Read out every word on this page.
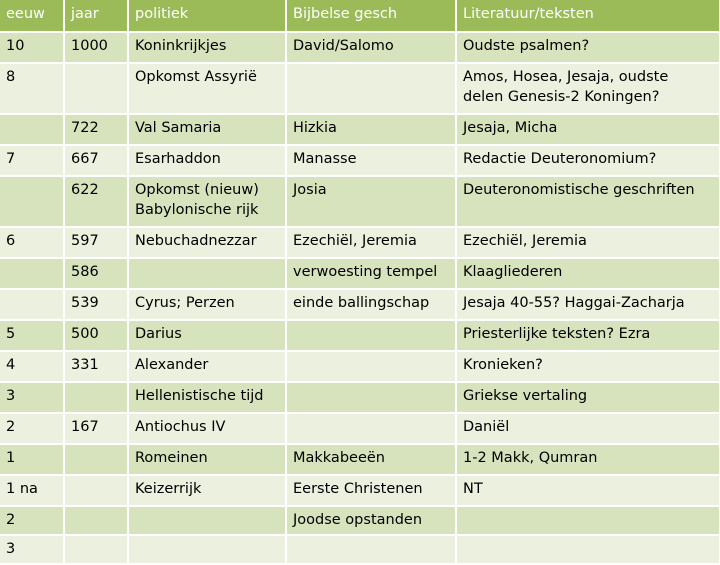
eeuw	jaar	politiek	Bijbelse gesch	Literatuur/teksten
10	1000	Koninkrijkjes	David/Salomo	Oudste psalmen?
8		Opkomst Assyrië		Amos, Hosea, Jesaja, oudste delen Genesis-2 Koningen?
	722	Val Samaria	Hizkia	Jesaja, Micha
7	667	Esarhaddon	Manasse	Redactie Deuteronomium?
	622	Opkomst (nieuw) Babylonische rijk	Josia	Deuteronomistische geschriften
6	597	Nebuchadnezzar	Ezechiël, Jeremia	Ezechiël, Jeremia
	586		verwoesting tempel	Klaagliederen
	539	Cyrus; Perzen	einde ballingschap	Jesaja 40-55? Haggai-Zacharja
5	500	Darius		Priesterlijke teksten? Ezra
4	331	Alexander		Kronieken?
3		Hellenistische tijd		Griekse vertaling
2	167	Antiochus IV		Daniël
1		Romeinen	Makkabeeën	1-2 Makk, Qumran
1 na		Keizerrijk	Eerste Christenen	NT
2			Joodse opstanden	
3				
